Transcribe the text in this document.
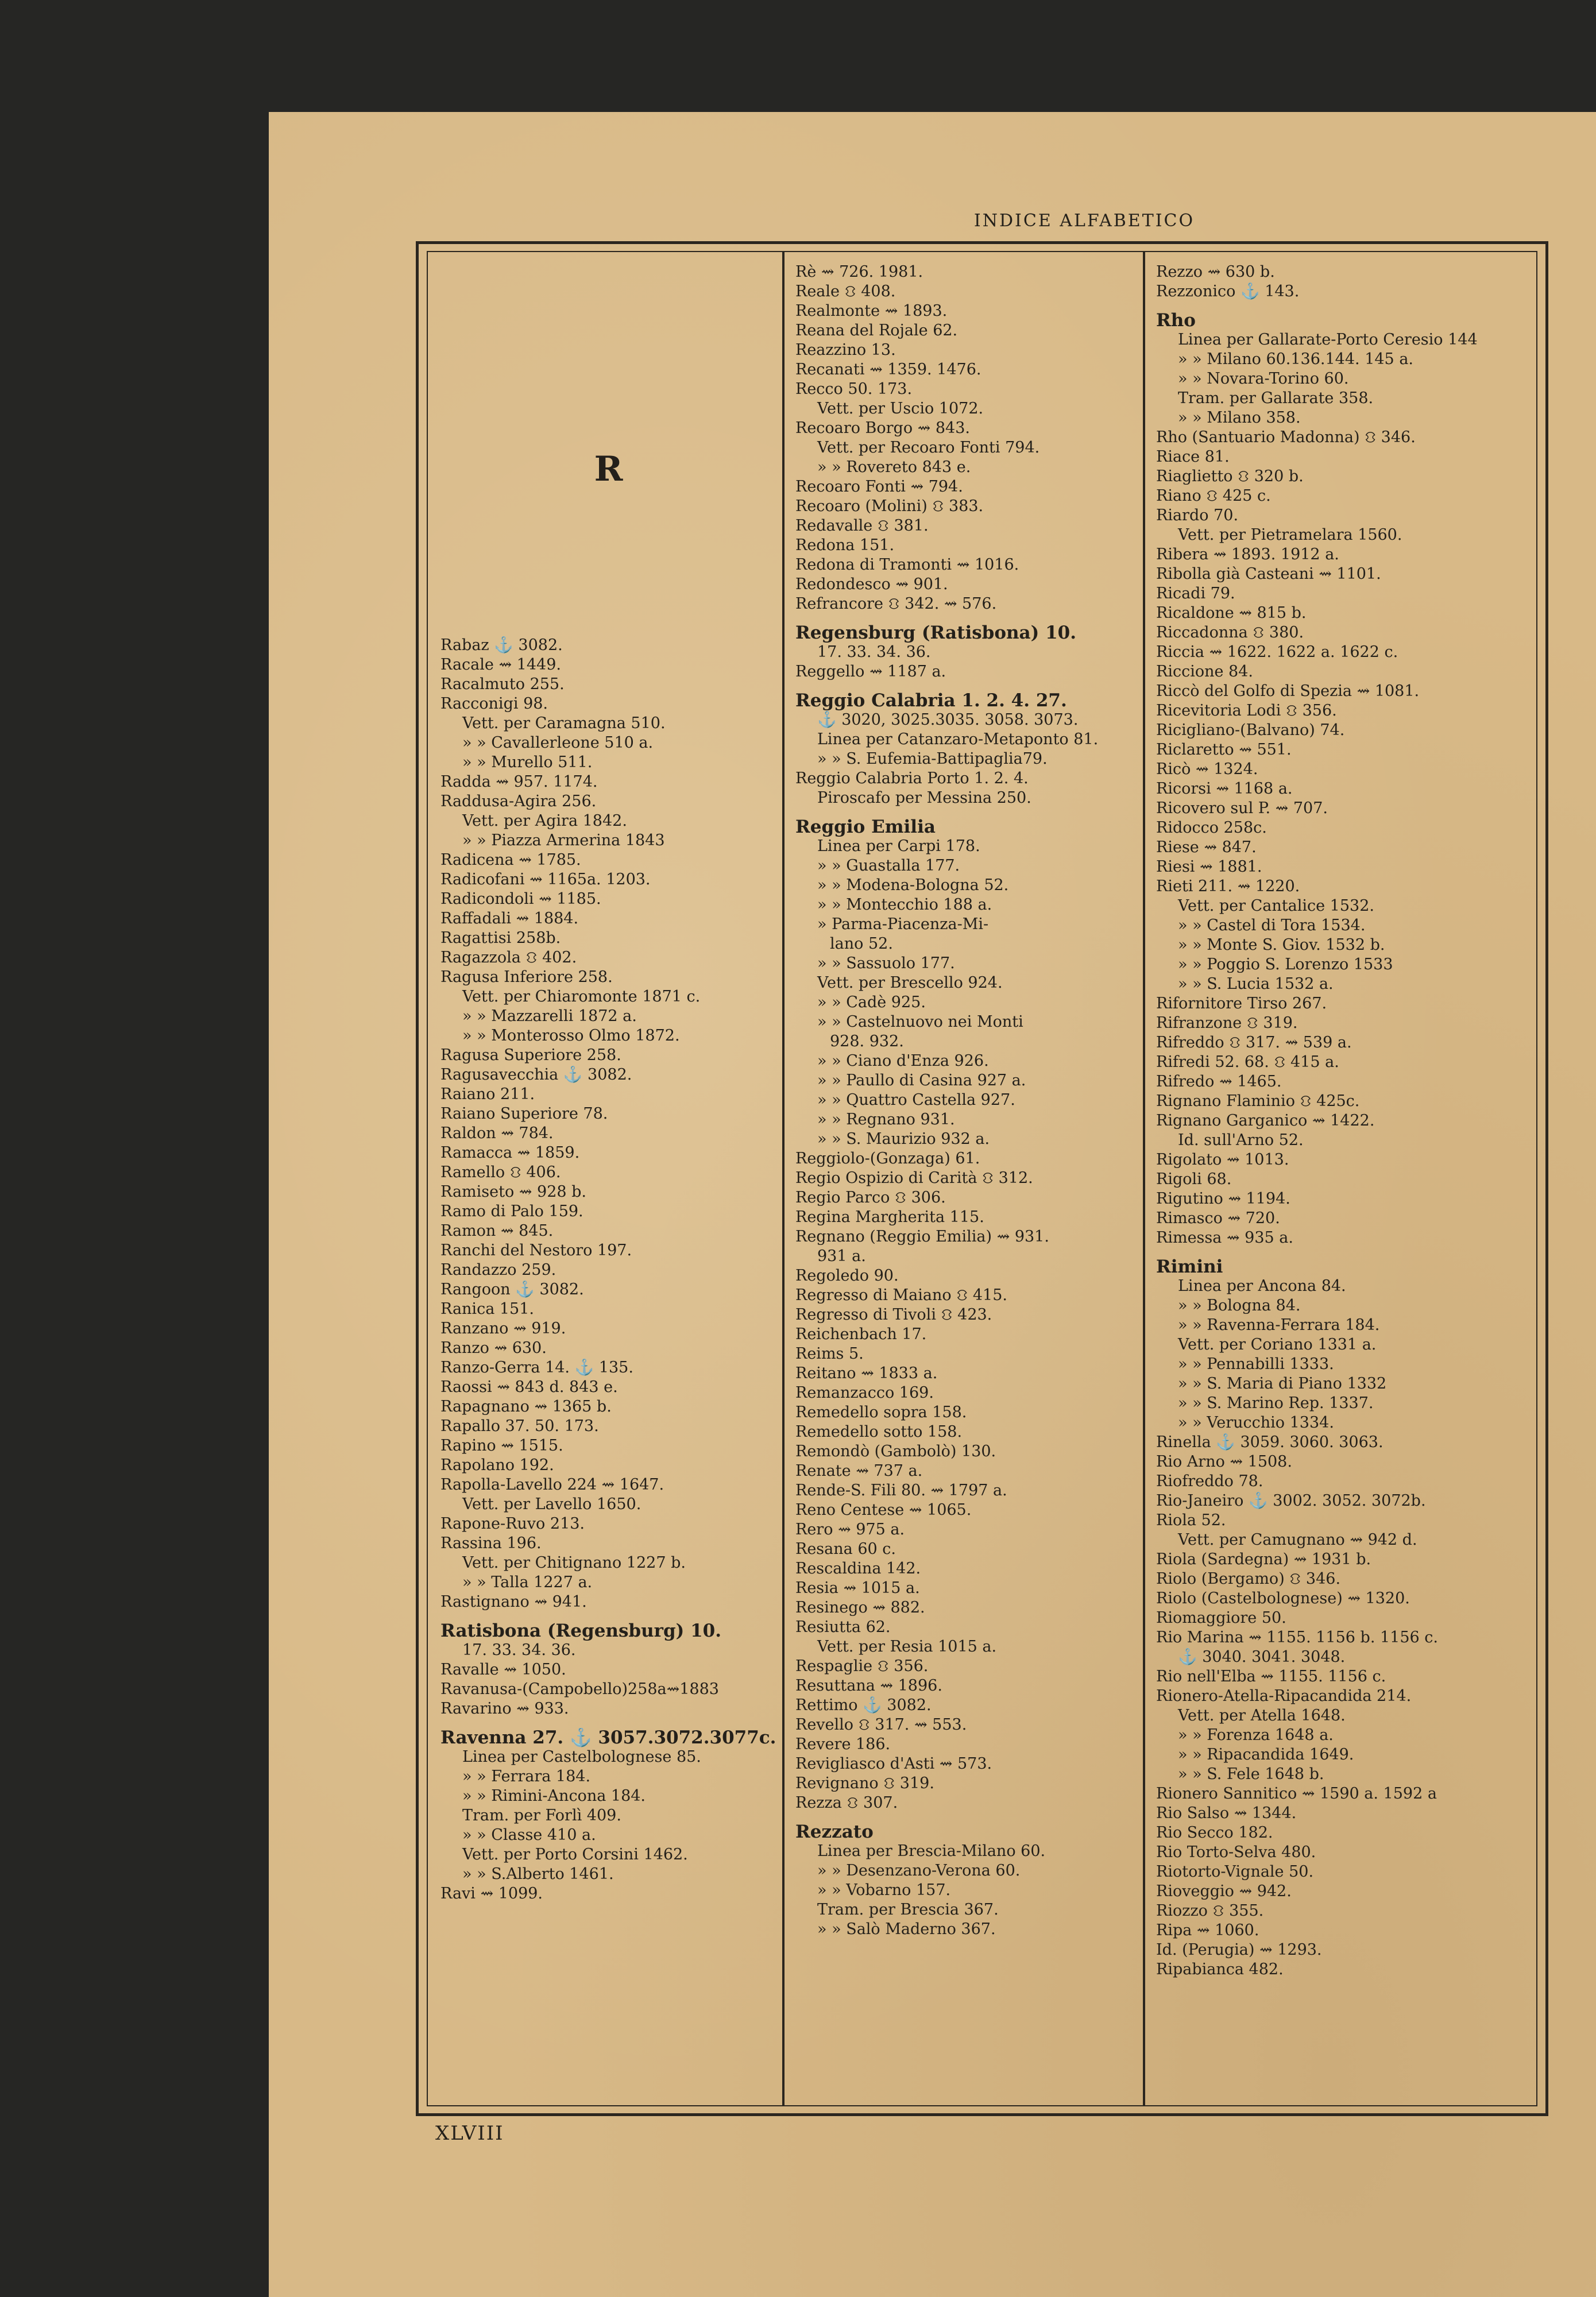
INDICE ALFABETICO
R
Rabaz ⚓ 3082.
Racale ⇝ 1449.
Racalmuto 255.
Racconigi 98.
Vett. per Caramagna 510.
» » Cavallerleone 510 a.
» » Murello 511.
Radda ⇝ 957. 1174.
Raddusa-Agira 256.
Vett. per Agira 1842.
» » Piazza Armerina 1843
Radicena ⇝ 1785.
Radicofani ⇝ 1165a. 1203.
Radicondoli ⇝ 1185.
Raffadali ⇝ 1884.
Ragattisi 258b.
Ragazzola ⛻ 402.
Ragusa Inferiore 258.
Vett. per Chiaromonte 1871 c.
» » Mazzarelli 1872 a.
» » Monterosso Olmo 1872.
Ragusa Superiore 258.
Ragusavecchia ⚓ 3082.
Raiano 211.
Raiano Superiore 78.
Raldon ⇝ 784.
Ramacca ⇝ 1859.
Ramello ⛻ 406.
Ramiseto ⇝ 928 b.
Ramo di Palo 159.
Ramon ⇝ 845.
Ranchi del Nestoro 197.
Randazzo 259.
Rangoon ⚓ 3082.
Ranica 151.
Ranzano ⇝ 919.
Ranzo ⇝ 630.
Ranzo-Gerra 14. ⚓ 135.
Raossi ⇝ 843 d. 843 e.
Rapagnano ⇝ 1365 b.
Rapallo 37. 50. 173.
Rapino ⇝ 1515.
Rapolano 192.
Rapolla-Lavello 224 ⇝ 1647.
Vett. per Lavello 1650.
Rapone-Ruvo 213.
Rassina 196.
Vett. per Chitignano 1227 b.
» » Talla 1227 a.
Rastignano ⇝ 941.
Ratisbona (Regensburg) 10.
17. 33. 34. 36.
Ravalle ⇝ 1050.
Ravanusa-(Campobello)258a⇝1883
Ravarino ⇝ 933.
Ravenna 27. ⚓ 3057.3072.3077c.
Linea per Castelbolognese 85.
» » Ferrara 184.
» » Rimini-Ancona 184.
Tram. per Forlì 409.
» » Classe 410 a.
Vett. per Porto Corsini 1462.
» » S.Alberto 1461.
Ravi ⇝ 1099.
Rè ⇝ 726. 1981.
Reale ⛻ 408.
Realmonte ⇝ 1893.
Reana del Rojale 62.
Reazzino 13.
Recanati ⇝ 1359. 1476.
Recco 50. 173.
Vett. per Uscio 1072.
Recoaro Borgo ⇝ 843.
Vett. per Recoaro Fonti 794.
» » Rovereto 843 e.
Recoaro Fonti ⇝ 794.
Recoaro (Molini) ⛻ 383.
Redavalle ⛻ 381.
Redona 151.
Redona di Tramonti ⇝ 1016.
Redondesco ⇝ 901.
Refrancore ⛻ 342. ⇝ 576.
Regensburg (Ratisbona) 10.
17. 33. 34. 36.
Reggello ⇝ 1187 a.
Reggio Calabria 1. 2. 4. 27.
⚓ 3020, 3025.3035. 3058. 3073.
Linea per Catanzaro-Metaponto 81.
» » S. Eufemia-Battipaglia79.
Reggio Calabria Porto 1. 2. 4.
Piroscafo per Messina 250.
Reggio Emilia
Linea per Carpi 178.
» » Guastalla 177.
» » Modena-Bologna 52.
» » Montecchio 188 a.
» Parma-Piacenza-Mi-
lano 52.
» » Sassuolo 177.
Vett. per Brescello 924.
» » Cadè 925.
» » Castelnuovo nei Monti
928. 932.
» » Ciano d'Enza 926.
» » Paullo di Casina 927 a.
» » Quattro Castella 927.
» » Regnano 931.
» » S. Maurizio 932 a.
Reggiolo-(Gonzaga) 61.
Regio Ospizio di Carità ⛻ 312.
Regio Parco ⛻ 306.
Regina Margherita 115.
Regnano (Reggio Emilia) ⇝ 931.
931 a.
Regoledo 90.
Regresso di Maiano ⛻ 415.
Regresso di Tivoli ⛻ 423.
Reichenbach 17.
Reims 5.
Reitano ⇝ 1833 a.
Remanzacco 169.
Remedello sopra 158.
Remedello sotto 158.
Remondò (Gambolò) 130.
Renate ⇝ 737 a.
Rende-S. Fili 80. ⇝ 1797 a.
Reno Centese ⇝ 1065.
Rero ⇝ 975 a.
Resana 60 c.
Rescaldina 142.
Resia ⇝ 1015 a.
Resinego ⇝ 882.
Resiutta 62.
Vett. per Resia 1015 a.
Respaglie ⛻ 356.
Resuttana ⇝ 1896.
Rettimo ⚓ 3082.
Revello ⛻ 317. ⇝ 553.
Revere 186.
Revigliasco d'Asti ⇝ 573.
Revignano ⛻ 319.
Rezza ⛻ 307.
Rezzato
Linea per Brescia-Milano 60.
» » Desenzano-Verona 60.
» » Vobarno 157.
Tram. per Brescia 367.
» » Salò Maderno 367.
Rezzo ⇝ 630 b.
Rezzonico ⚓ 143.
Rho
Linea per Gallarate-Porto Ceresio 144
» » Milano 60.136.144. 145 a.
» » Novara-Torino 60.
Tram. per Gallarate 358.
» » Milano 358.
Rho (Santuario Madonna) ⛻ 346.
Riace 81.
Riaglietto ⛻ 320 b.
Riano ⛻ 425 c.
Riardo 70.
Vett. per Pietramelara 1560.
Ribera ⇝ 1893. 1912 a.
Ribolla già Casteani ⇝ 1101.
Ricadi 79.
Ricaldone ⇝ 815 b.
Riccadonna ⛻ 380.
Riccia ⇝ 1622. 1622 a. 1622 c.
Riccione 84.
Riccò del Golfo di Spezia ⇝ 1081.
Ricevitoria Lodi ⛻ 356.
Ricigliano-(Balvano) 74.
Riclaretto ⇝ 551.
Ricò ⇝ 1324.
Ricorsi ⇝ 1168 a.
Ricovero sul P. ⇝ 707.
Ridocco 258c.
Riese ⇝ 847.
Riesi ⇝ 1881.
Rieti 211. ⇝ 1220.
Vett. per Cantalice 1532.
» » Castel di Tora 1534.
» » Monte S. Giov. 1532 b.
» » Poggio S. Lorenzo 1533
» » S. Lucia 1532 a.
Rifornitore Tirso 267.
Rifranzone ⛻ 319.
Rifreddo ⛻ 317. ⇝ 539 a.
Rifredi 52. 68. ⛻ 415 a.
Rifredo ⇝ 1465.
Rignano Flaminio ⛻ 425c.
Rignano Garganico ⇝ 1422.
Id. sull'Arno 52.
Rigolato ⇝ 1013.
Rigoli 68.
Rigutino ⇝ 1194.
Rimasco ⇝ 720.
Rimessa ⇝ 935 a.
Rimini
Linea per Ancona 84.
» » Bologna 84.
» » Ravenna-Ferrara 184.
Vett. per Coriano 1331 a.
» » Pennabilli 1333.
» » S. Maria di Piano 1332
» » S. Marino Rep. 1337.
» » Verucchio 1334.
Rinella ⚓ 3059. 3060. 3063.
Rio Arno ⇝ 1508.
Riofreddo 78.
Rio-Janeiro ⚓ 3002. 3052. 3072b.
Riola 52.
Vett. per Camugnano ⇝ 942 d.
Riola (Sardegna) ⇝ 1931 b.
Riolo (Bergamo) ⛻ 346.
Riolo (Castelbolognese) ⇝ 1320.
Riomaggiore 50.
Rio Marina ⇝ 1155. 1156 b. 1156 c.
⚓ 3040. 3041. 3048.
Rio nell'Elba ⇝ 1155. 1156 c.
Rionero-Atella-Ripacandida 214.
Vett. per Atella 1648.
» » Forenza 1648 a.
» » Ripacandida 1649.
» » S. Fele 1648 b.
Rionero Sannitico ⇝ 1590 a. 1592 a
Rio Salso ⇝ 1344.
Rio Secco 182.
Rio Torto-Selva 480.
Riotorto-Vignale 50.
Rioveggio ⇝ 942.
Riozzo ⛻ 355.
Ripa ⇝ 1060.
Id. (Perugia) ⇝ 1293.
Ripabianca 482.
XLVIII
